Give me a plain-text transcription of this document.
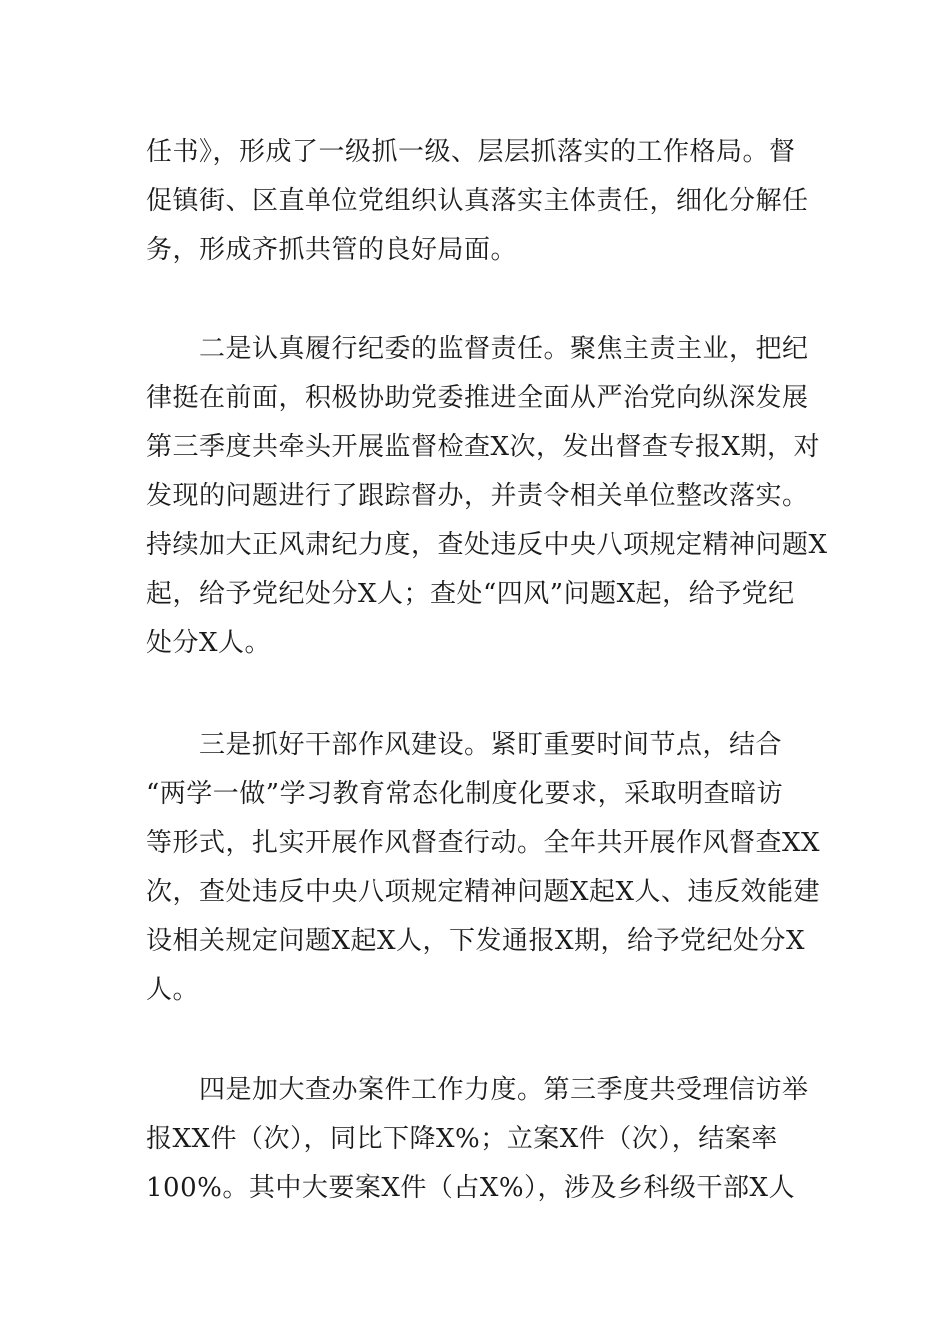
任书》，形成了一级抓一级、层层抓落实的工作格局。督
促镇街、区直单位党组织认真落实主体责任，细化分解任
务，形成齐抓共管的良好局面。

　　二是认真履行纪委的监督责任。聚焦主责主业，把纪
律挺在前面，积极协助党委推进全面从严治党向纵深发展
第三季度共牵头开展监督检查X次，发出督查专报X期，对
发现的问题进行了跟踪督办，并责令相关单位整改落实。
持续加大正风肃纪力度，查处违反中央八项规定精神问题X
起，给予党纪处分X人；查处“四风”问题X起，给予党纪
处分X人。

　　三是抓好干部作风建设。紧盯重要时间节点，结合
“两学一做”学习教育常态化制度化要求，采取明查暗访
等形式，扎实开展作风督查行动。全年共开展作风督查XX
次，查处违反中央八项规定精神问题X起X人、违反效能建
设相关规定问题X起X人，下发通报X期，给予党纪处分X
人。

　　四是加大查办案件工作力度。第三季度共受理信访举
报XX件（次），同比下降X%；立案X件（次），结案率
100%。其中大要案X件（占X%），涉及乡科级干部X人
